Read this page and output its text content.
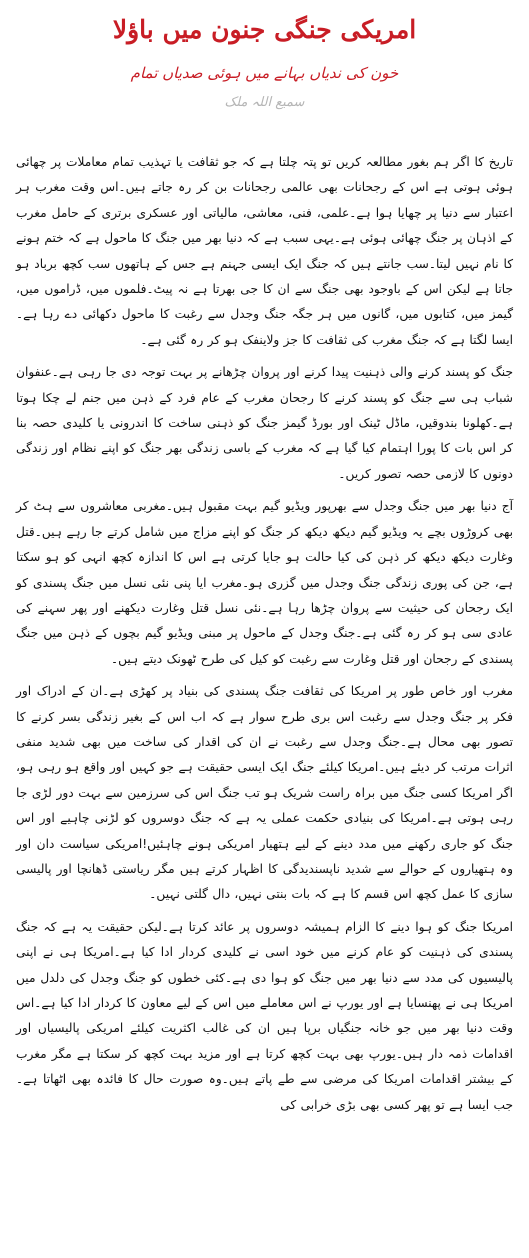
امریکی جنگی جنون میں باؤلا
خون کی ندیاں بہانے میں ہوئی صدیاں تمام
سمیع اللہ ملک

تاریخ کا اگر ہم بغور مطالعہ کریں تو پتہ چلتا ہے کہ جو ثقافت یا تہذیب تمام معاملات پر چھائی ہوئی ہوتی ہے اس کے رجحانات بھی عالمی رجحانات بن کر رہ جاتے ہیں۔اس وقت مغرب ہر اعتبار سے دنیا پر چھایا ہوا ہے۔علمی، فنی، معاشی، مالیاتی اور عسکری برتری کے حامل مغرب کے اذہان پر جنگ چھائی ہوئی ہے۔یہی سبب ہے کہ دنیا بھر میں جنگ کا ماحول ہے کہ ختم ہونے کا نام نہیں لیتا۔سب جانتے ہیں کہ جنگ ایک ایسی جہنم ہے جس کے ہاتھوں سب کچھ برباد ہو جاتا ہے لیکن اس کے باوجود بھی جنگ سے ان کا جی بھرتا ہے نہ پیٹ۔فلموں میں، ڈراموں میں، گیمز میں، کتابوں میں، گانوں میں ہر جگہ جنگ وجدل سے رغبت کا ماحول دکھائی دے رہا ہے۔ایسا لگتا ہے کہ جنگ مغرب کی ثقافت کا جز ولاینفک ہو کر رہ گئی ہے۔

جنگ کو پسند کرنے والی ذہنیت پیدا کرنے اور پروان چڑھانے پر بہت توجہ دی جا رہی ہے۔عنفوان شباب ہی سے جنگ کو پسند کرنے کا رجحان مغرب کے عام فرد کے ذہن میں جنم لے چکا ہوتا ہے۔کھلونا بندوقیں، ماڈل ٹینک اور بورڈ گیمز جنگ کو ذہنی ساخت کا اندرونی یا کلیدی حصہ بنا کر اس بات کا پورا اہتمام کیا گیا ہے کہ مغرب کے باسی زندگی بھر جنگ کو اپنے نظام اور زندگی دونوں کا لازمی حصہ تصور کریں۔

آج دنیا بھر میں جنگ وجدل سے بھرپور ویڈیو گیم بہت مقبول ہیں۔مغربی معاشروں سے ہٹ کر بھی کروڑوں بچے یہ ویڈیو گیم دیکھ دیکھ کر جنگ کو اپنے مزاج میں شامل کرتے جا رہے ہیں۔قتل وغارت دیکھ دیکھ کر ذہن کی کیا حالت ہو جایا کرتی ہے اس کا اندازہ کچھ انہی کو ہو سکتا ہے، جن کی پوری زندگی جنگ وجدل میں گزری ہو۔مغرب ایا پنی نئی نسل میں جنگ پسندی کو ایک رجحان کی حیثیت سے پروان چڑھا رہا ہے۔نئی نسل قتل وغارت دیکھنے اور پھر سہنے کی عادی سی ہو کر رہ گئی ہے۔جنگ وجدل کے ماحول پر مبنی ویڈیو گیم بچوں کے ذہن میں جنگ پسندی کے رجحان اور قتل وغارت سے رغبت کو کیل کی طرح ٹھونک دیتے ہیں۔

مغرب اور خاص طور پر امریکا کی ثقافت جنگ پسندی کی بنیاد پر کھڑی ہے۔ان کے ادراک اور فکر پر جنگ وجدل سے رغبت اس بری طرح سوار ہے کہ اب اس کے بغیر زندگی بسر کرنے کا تصور بھی محال ہے۔جنگ وجدل سے رغبت نے ان کی اقدار کی ساخت میں بھی شدید منفی اثرات مرتب کر دیئے ہیں۔امریکا کیلئے جنگ ایک ایسی حقیقت ہے جو کہیں اور واقع ہو رہی ہو، اگر امریکا کسی جنگ میں براہ راست شریک ہو تب جنگ اس کی سرزمین سے بہت دور لڑی جا رہی ہوتی ہے۔امریکا کی بنیادی حکمت عملی یہ ہے کہ جنگ دوسروں کو لڑنی چاہیے اور اس جنگ کو جاری رکھنے میں مدد دینے کے لیے ہتھیار امریکی ہونے چاہئیں!امریکی سیاست دان اور وہ ہتھیاروں کے حوالے سے شدید ناپسندیدگی کا اظہار کرتے ہیں مگر ریاستی ڈھانچا اور پالیسی سازی کا عمل کچھ اس قسم کا ہے کہ بات بنتی نہیں، دال گلتی نہیں۔

امریکا جنگ کو ہوا دینے کا الزام ہمیشہ دوسروں پر عائد کرتا ہے۔لیکن حقیقت یہ ہے کہ جنگ پسندی کی ذہنیت کو عام کرنے میں خود اسی نے کلیدی کردار ادا کیا ہے۔امریکا ہی نے اپنی پالیسیوں کی مدد سے دنیا بھر میں جنگ کو ہوا دی ہے۔کئی خطوں کو جنگ وجدل کی دلدل میں امریکا ہی نے پھنسایا ہے اور یورپ نے اس معاملے میں اس کے لیے معاون کا کردار ادا کیا ہے۔اس وقت دنیا بھر میں جو خانہ جنگیاں برپا ہیں ان کی غالب اکثریت کیلئے امریکی پالیسیاں اور اقدامات ذمہ دار ہیں۔یورپ بھی بہت کچھ کرتا ہے اور مزید بہت کچھ کر سکتا ہے مگر مغرب کے بیشتر اقدامات امریکا کی مرضی سے طے پاتے ہیں۔وہ صورت حال کا فائدہ بھی اٹھاتا ہے۔جب ایسا ہے تو پھر کسی بھی بڑی خرابی کی
